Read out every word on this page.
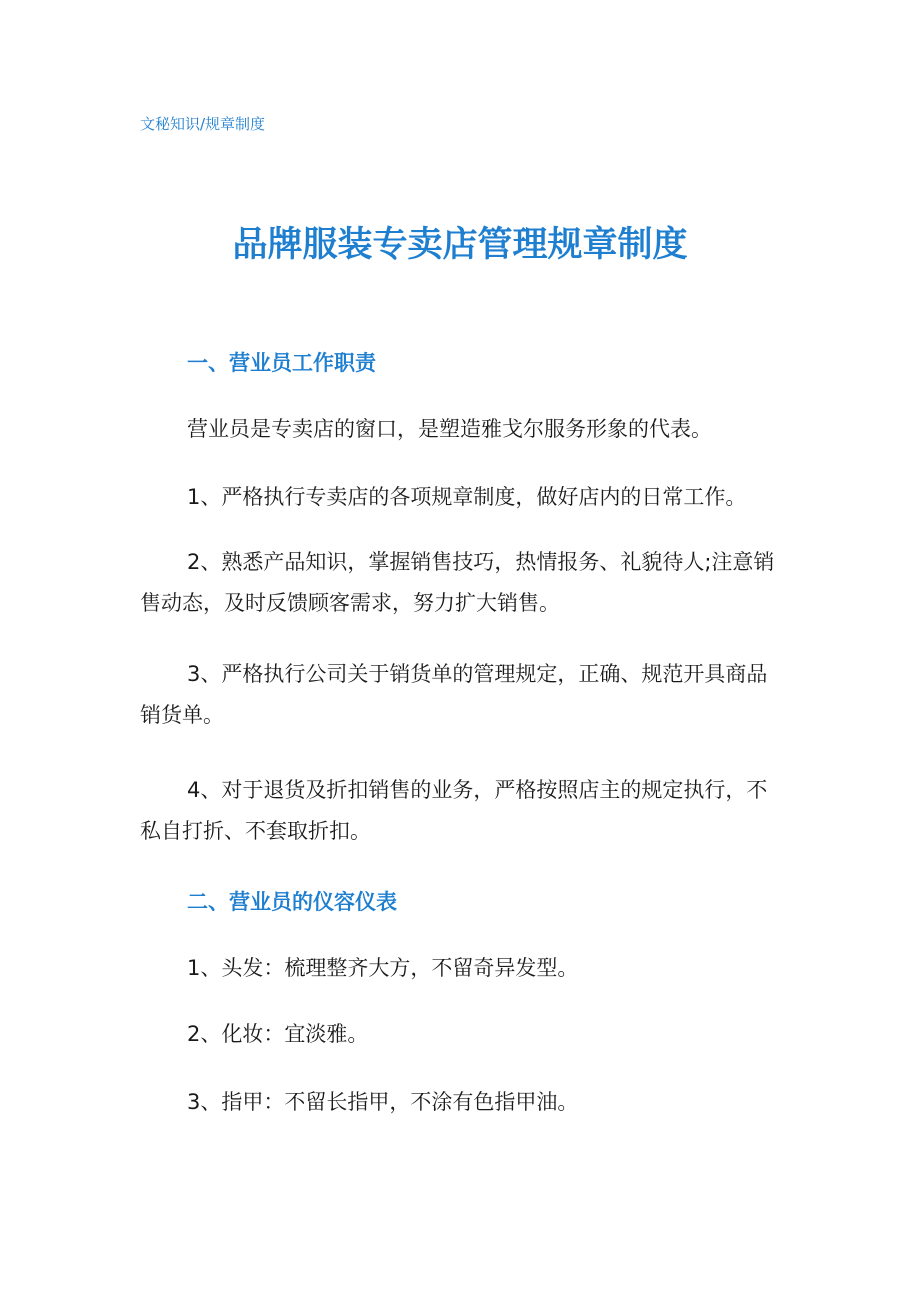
文秘知识/规章制度
品牌服装专卖店管理规章制度
一、营业员工作职责
营业员是专卖店的窗口，是塑造雅戈尔服务形象的代表。
1、严格执行专卖店的各项规章制度，做好店内的日常工作。
2、熟悉产品知识，掌握销售技巧，热情报务、礼貌待人;注意销售动态，及时反馈顾客需求，努力扩大销售。
3、严格执行公司关于销货单的管理规定，正确、规范开具商品销货单。
4、对于退货及折扣销售的业务，严格按照店主的规定执行，不私自打折、不套取折扣。
二、营业员的仪容仪表
1、头发：梳理整齐大方，不留奇异发型。
2、化妆：宜淡雅。
3、指甲：不留长指甲，不涂有色指甲油。
